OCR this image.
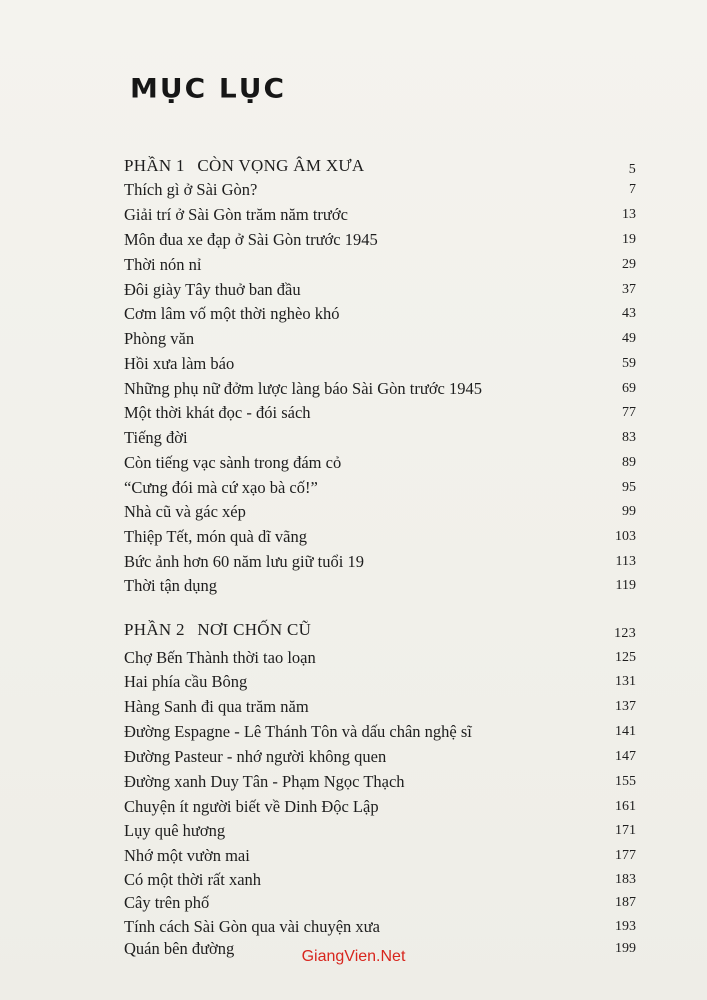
MỤC LỤC
PHẦN 1 CÒN VỌNG ÂM XƯA	5
Thích gì ở Sài Gòn?	7
Giải trí ở Sài Gòn trăm năm trước	13
Môn đua xe đạp ở Sài Gòn trước 1945	19
Thời nón nỉ	29
Đôi giày Tây thuở ban đầu	37
Cơm lâm vố một thời nghèo khó	43
Phòng văn	49
Hồi xưa làm báo	59
Những phụ nữ đởm lược làng báo Sài Gòn trước 1945	69
Một thời khát đọc - đói sách	77
Tiếng đời	83
Còn tiếng vạc sành trong đám cỏ	89
“Cưng đói mà cứ xạo bà cố!”	95
Nhà cũ và gác xép	99
Thiệp Tết, món quà dĩ vãng	103
Bức ảnh hơn 60 năm lưu giữ tuổi 19	113
Thời tận dụng	119
PHẦN 2 NƠI CHỐN CŨ	123
Chợ Bến Thành thời tao loạn	125
Hai phía cầu Bông	131
Hàng Sanh đi qua trăm năm	137
Đường Espagne - Lê Thánh Tôn và dấu chân nghệ sĩ	141
Đường Pasteur - nhớ người không quen	147
Đường xanh Duy Tân - Phạm Ngọc Thạch	155
Chuyện ít người biết về Dinh Độc Lập	161
Lụy quê hương	171
Nhớ một vườn mai	177
Có một thời rất xanh	183
Cây trên phố	187
Tính cách Sài Gòn qua vài chuyện xưa	193
Quán bên đường	199
GiangVien.Net
